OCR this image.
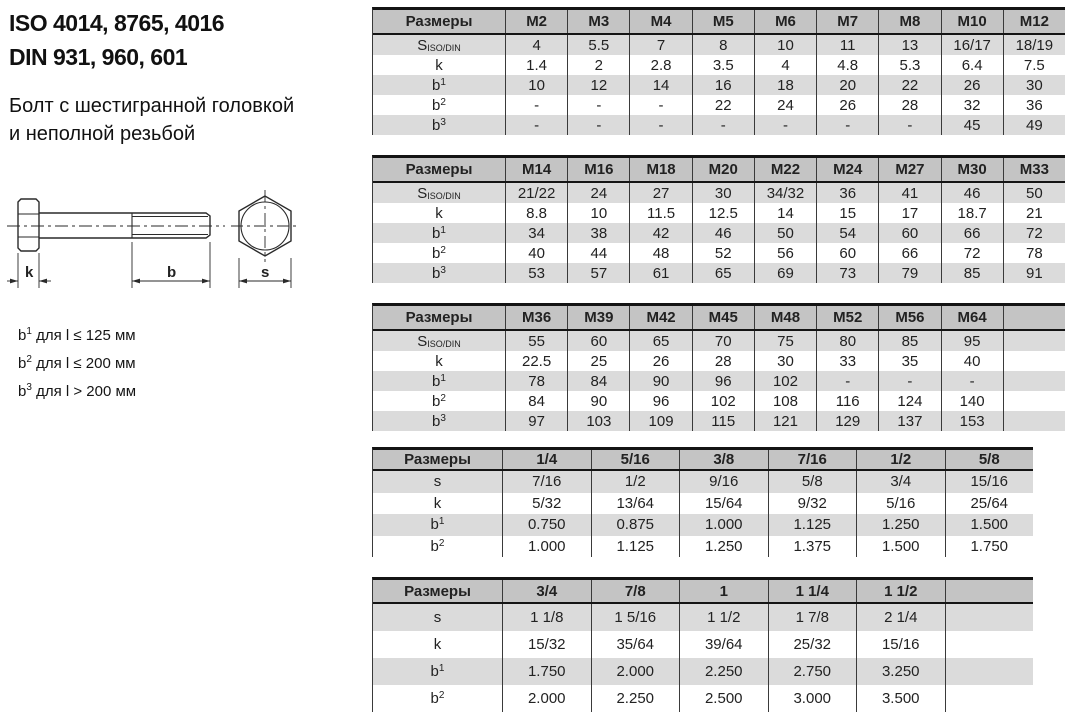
ISO 4014, 8765, 4016
DIN 931, 960, 601
Болт с шестигранной головкой
и неполной резьбой
k	b	s
$b^1$ для l ≤ 125 мм
$b^2$ для l ≤ 200 мм
$b^3$ для l > 200 мм
Размеры	M2	M3	M4	M5	M6	M7	M8	M10	M12
S ISO/DIN	4	5.5	7	8	10	11	13	16/17	18/19
k	1.4	2	2.8	3.5	4	4.8	5.3	6.4	7.5
b 1	10	12	14	16	18	20	22	26	30
b 2	-	-	-	22	24	26	28	32	36
b 3	-	-	-	-	-	-	-	45	49
Размеры	M14	M16	M18	M20	M22	M24	M27	M30	M33
S ISO/DIN	21/22	24	27	30	34/32	36	41	46	50
k	8.8	10	11.5	12.5	14	15	17	18.7	21
b 1	34	38	42	46	50	54	60	66	72
b 2	40	44	48	52	56	60	66	72	78
b 3	53	57	61	65	69	73	79	85	91
Размеры	M36	M39	M42	M45	M48	M52	M56	M64
S ISO/DIN	55	60	65	70	75	80	85	95
k	22.5	25	26	28	30	33	35	40
b 1	78	84	90	96	102	-	-	-
b 2	84	90	96	102	108	116	124	140
b 3	97	103	109	115	121	129	137	153
Размеры	1/4	5/16	3/8	7/16	1/2	5/8
s	7/16	1/2	9/16	5/8	3/4	15/16
k	5/32	13/64	15/64	9/32	5/16	25/64
b 1	0.750	0.875	1.000	1.125	1.250	1.500
b 2	1.000	1.125	1.250	1.375	1.500	1.750
Размеры	3/4	7/8	1	1 1/4	1 1/2
s	1 1/8	1 5/16	1 1/2	1 7/8	2 1/4
k	15/32	35/64	39/64	25/32	15/16
b 1	1.750	2.000	2.250	2.750	3.250
b 2	2.000	2.250	2.500	3.000	3.500
